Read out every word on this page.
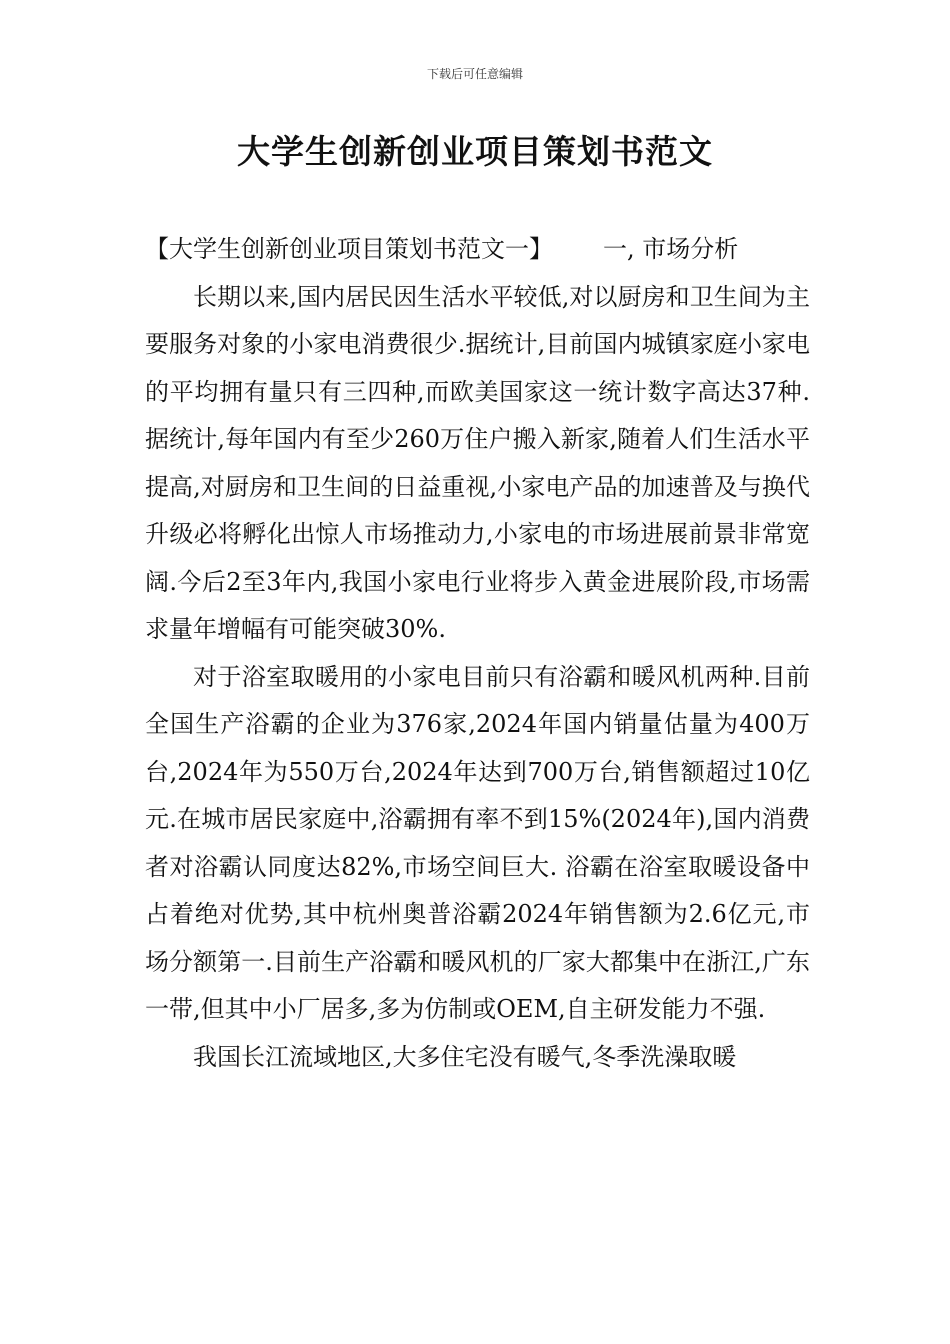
下载后可任意编辑
大学生创新创业项目策划书范文

【大学生创新创业项目策划书范文一】　　一, 市场分析

长期以来,国内居民因生活水平较低,对以厨房和卫生间为主要服务对象的小家电消费很少.据统计,目前国内城镇家庭小家电的平均拥有量只有三四种,而欧美国家这一统计数字高达37种.据统计,每年国内有至少260万住户搬入新家,随着人们生活水平提高,对厨房和卫生间的日益重视,小家电产品的加速普及与换代升级必将孵化出惊人市场推动力,小家电的市场进展前景非常宽阔.今后2至3年内,我国小家电行业将步入黄金进展阶段,市场需求量年增幅有可能突破30%.

对于浴室取暖用的小家电目前只有浴霸和暖风机两种.目前全国生产浴霸的企业为376家,2024年国内销量估量为400万台,2024年为550万台,2024年达到700万台,销售额超过10亿元.在城市居民家庭中,浴霸拥有率不到15%(2024年),国内消费者对浴霸认同度达82%,市场空间巨大. 浴霸在浴室取暖设备中占着绝对优势,其中杭州奥普浴霸2024年销售额为2.6亿元,市场分额第一.目前生产浴霸和暖风机的厂家大都集中在浙江,广东一带,但其中小厂居多,多为仿制或OEM,自主研发能力不强.

我国长江流域地区,大多住宅没有暖气,冬季洗澡取暖
